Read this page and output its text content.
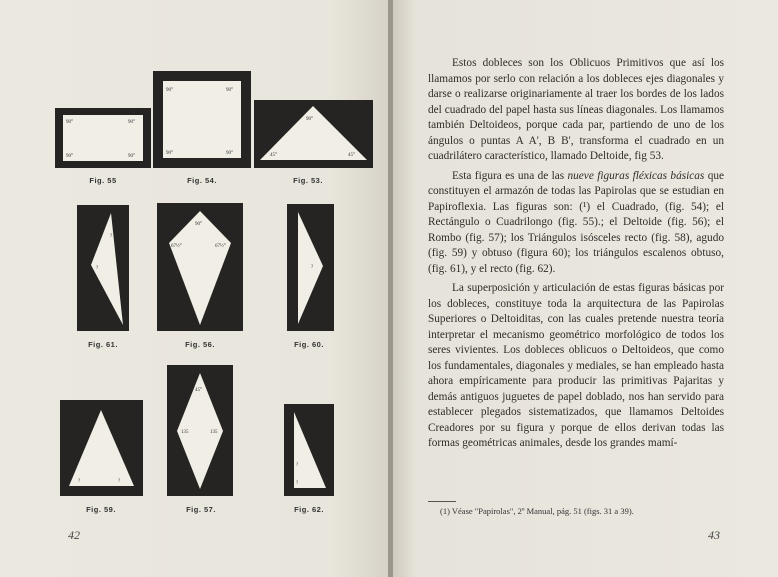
90°	90°
90°	90°
Fig. 55
90°	90°
90°	90°
Fig. 54.
90°
45°	45°
Fig. 53.
?
?
Fig. 61.
90°
67½°	67½°
Fig. 56.
?
Fig. 60.
?	?
Fig. 59.
45°
135	135
Fig. 57.
?
?
Fig. 62.
42

Estos dobleces son los Oblicuos Primitivos que así los llamamos por serlo con relación a los dobleces ejes diagonales y darse o realizarse originariamente al traer los bordes de los lados del cuadrado del papel hasta sus líneas diagonales. Los llamamos también Deltoideos, porque cada par, partiendo de uno de los ángulos o puntas A A', B B', transforma el cuadrado en un cuadrilátero característico, llamado Deltoide, fig 53.

Esta figura es una de las nueve figuras fléxicas básicas que constituyen el armazón de todas las Papirolas que se estudian en Papiroflexia. Las figuras son: (¹) el Cuadrado, (fig. 54); el Rectángulo o Cuadrilongo (fig. 55).; el Deltoide (fig. 56); el Rombo (fig. 57); los Triángulos isósceles recto (fig. 58), agudo (fig. 59) y obtuso (figura 60); los triángulos escalenos obtuso, (fig. 61), y el recto (fig. 62).

La superposición y articulación de estas figuras básicas por los dobleces, constituye toda la arquitectura de las Papirolas Superiores o Deltoiditas, con las cuales pretende nuestra teoría interpretar el mecanismo geométrico morfológico de todos los seres vivientes. Los dobleces oblicuos o Deltoideos, que como los fundamentales, diagonales y mediales, se han empleado hasta ahora empíricamente para producir las primitivas Pajaritas y demás antiguos juguetes de papel doblado, nos han servido para establecer plegados sistematizados, que llamamos Deltoides Creadores por su figura y porque de ellos derivan todas las formas geométricas animales, desde los grandes mamí-

(1) Véase "Papirolas", 2º Manual, pág. 51 (figs. 31 a 39).
43
